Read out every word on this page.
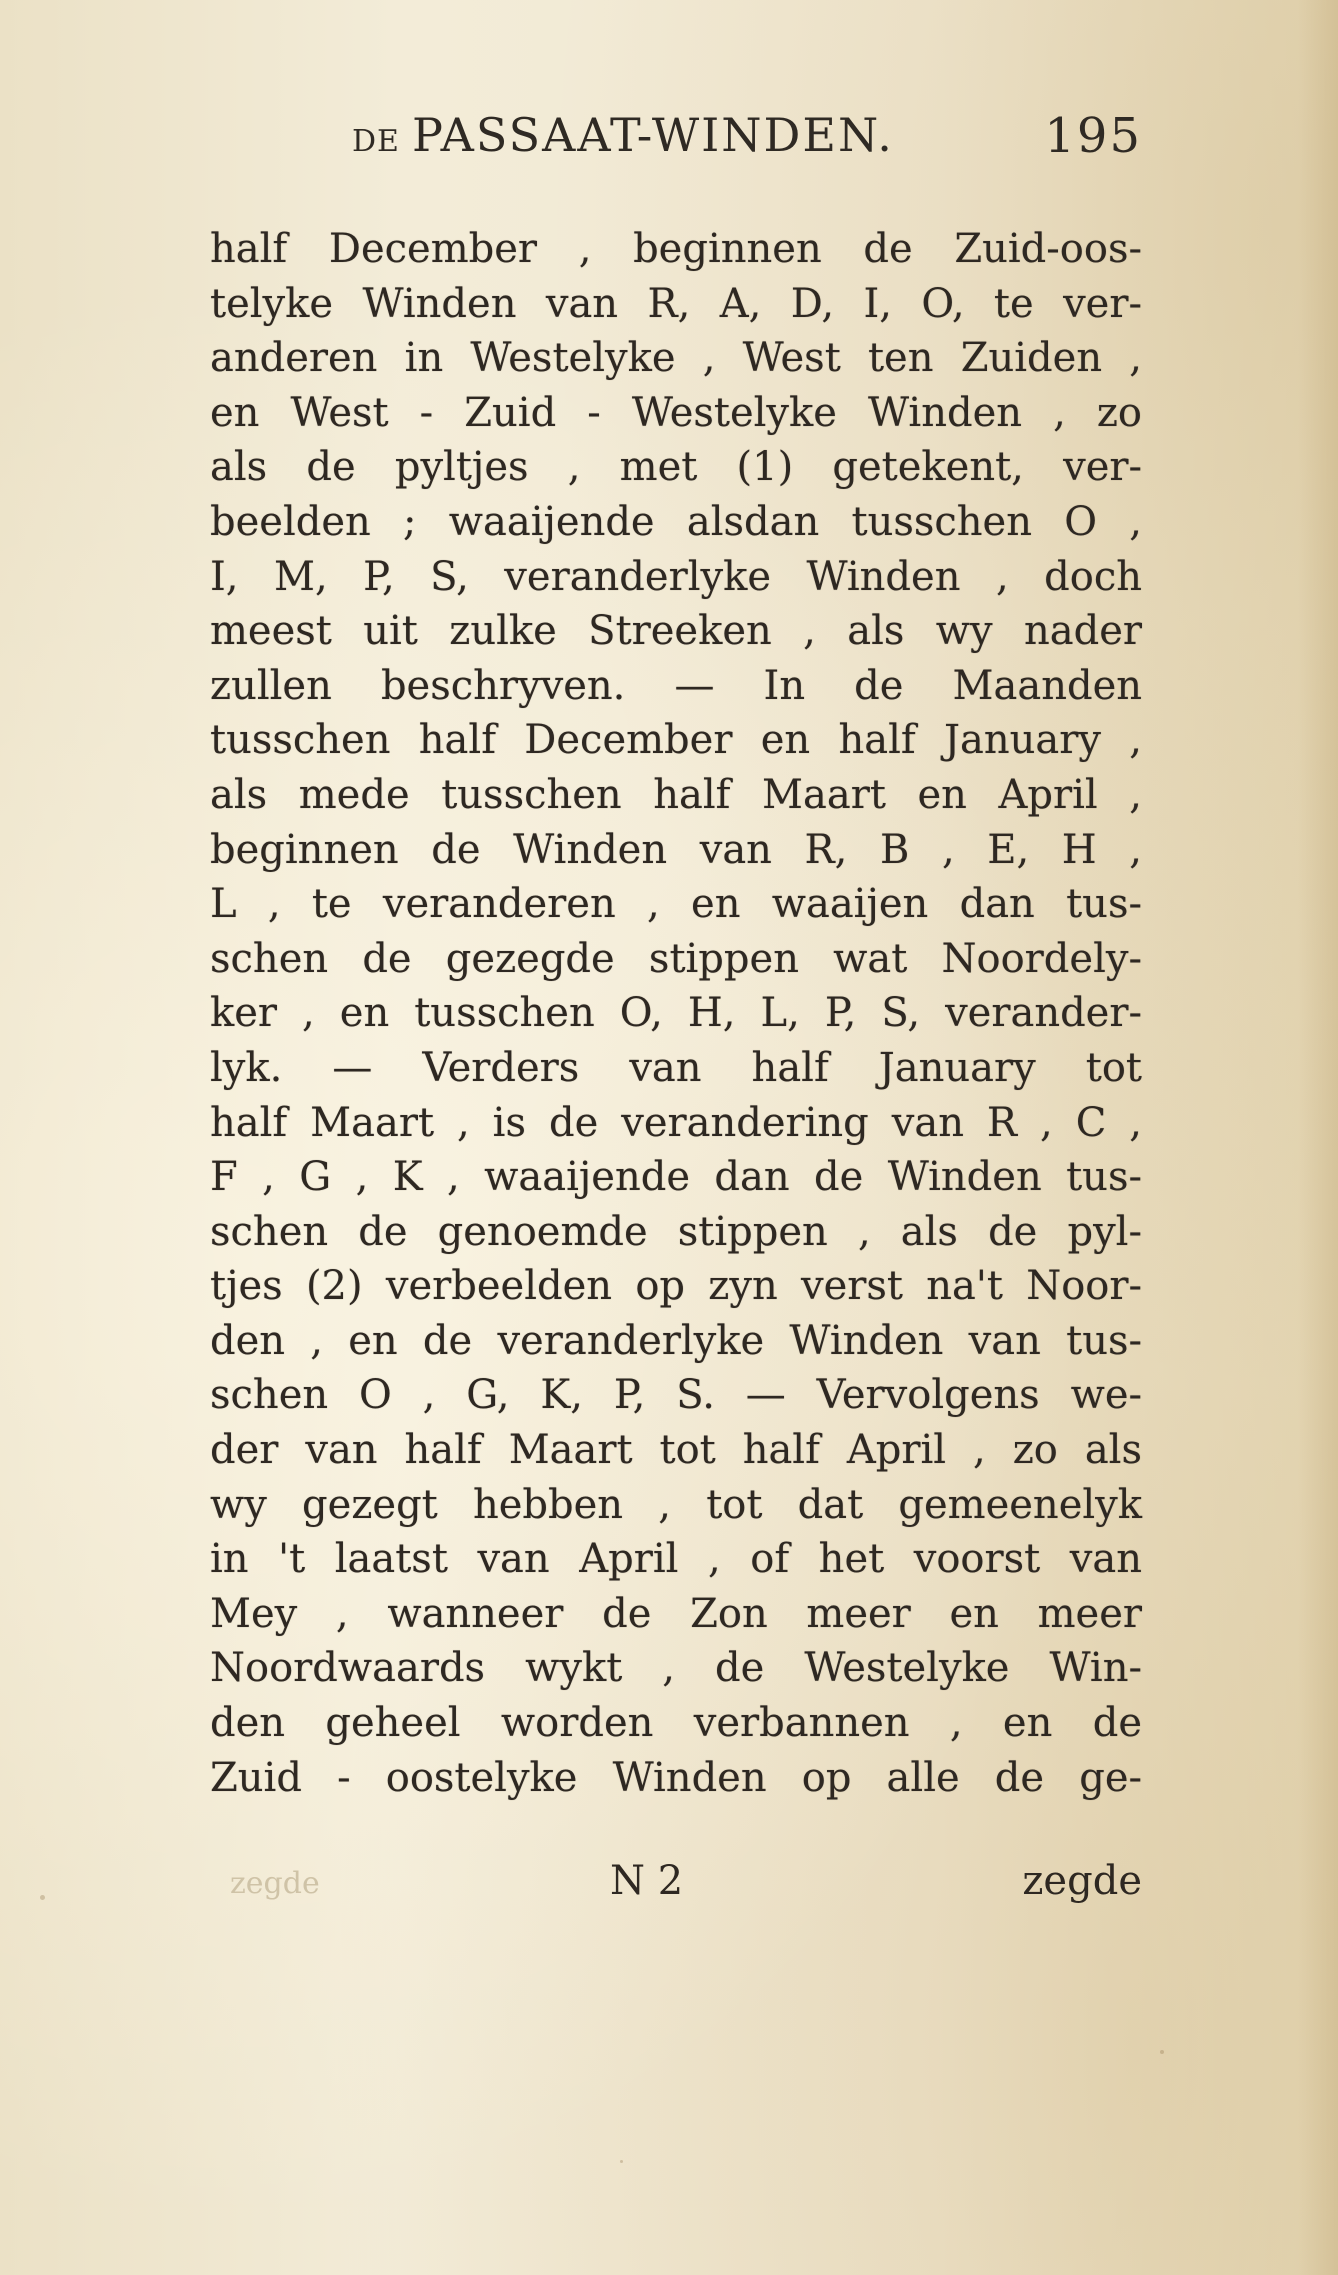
DE PASSAAT-WINDEN.	195
half December , beginnen de Zuid-oos-
telyke Winden van R, A, D, I, O, te ver-
anderen in Westelyke , West ten Zuiden ,
en West - Zuid - Westelyke Winden , zo
als de pyltjes , met (1) getekent, ver-
beelden ; waaijende alsdan tusschen O ,
I, M, P, S, veranderlyke Winden , doch
meest uit zulke Streeken , als wy nader
zullen beschryven. — In de Maanden
tusschen half December en half January ,
als mede tusschen half Maart en April ,
beginnen de Winden van R, B , E, H ,
L , te veranderen , en waaijen dan tus-
schen de gezegde stippen wat Noordely-
ker , en tusschen O, H, L, P, S, verander-
lyk. — Verders van half January tot
half Maart , is de verandering van R , C ,
F , G , K , waaijende dan de Winden tus-
schen de genoemde stippen , als de pyl-
tjes (2) verbeelden op zyn verst na't Noor-
den , en de veranderlyke Winden van tus-
schen O , G, K, P, S. — Vervolgens we-
der van half Maart tot half April , zo als
wy gezegt hebben , tot dat gemeenelyk
in 't laatst van April , of het voorst van
Mey , wanneer de Zon meer en meer
Noordwaards wykt , de Westelyke Win-
den geheel worden verbannen , en de
Zuid - oostelyke Winden op alle de ge-
zegde	N 2	zegde
